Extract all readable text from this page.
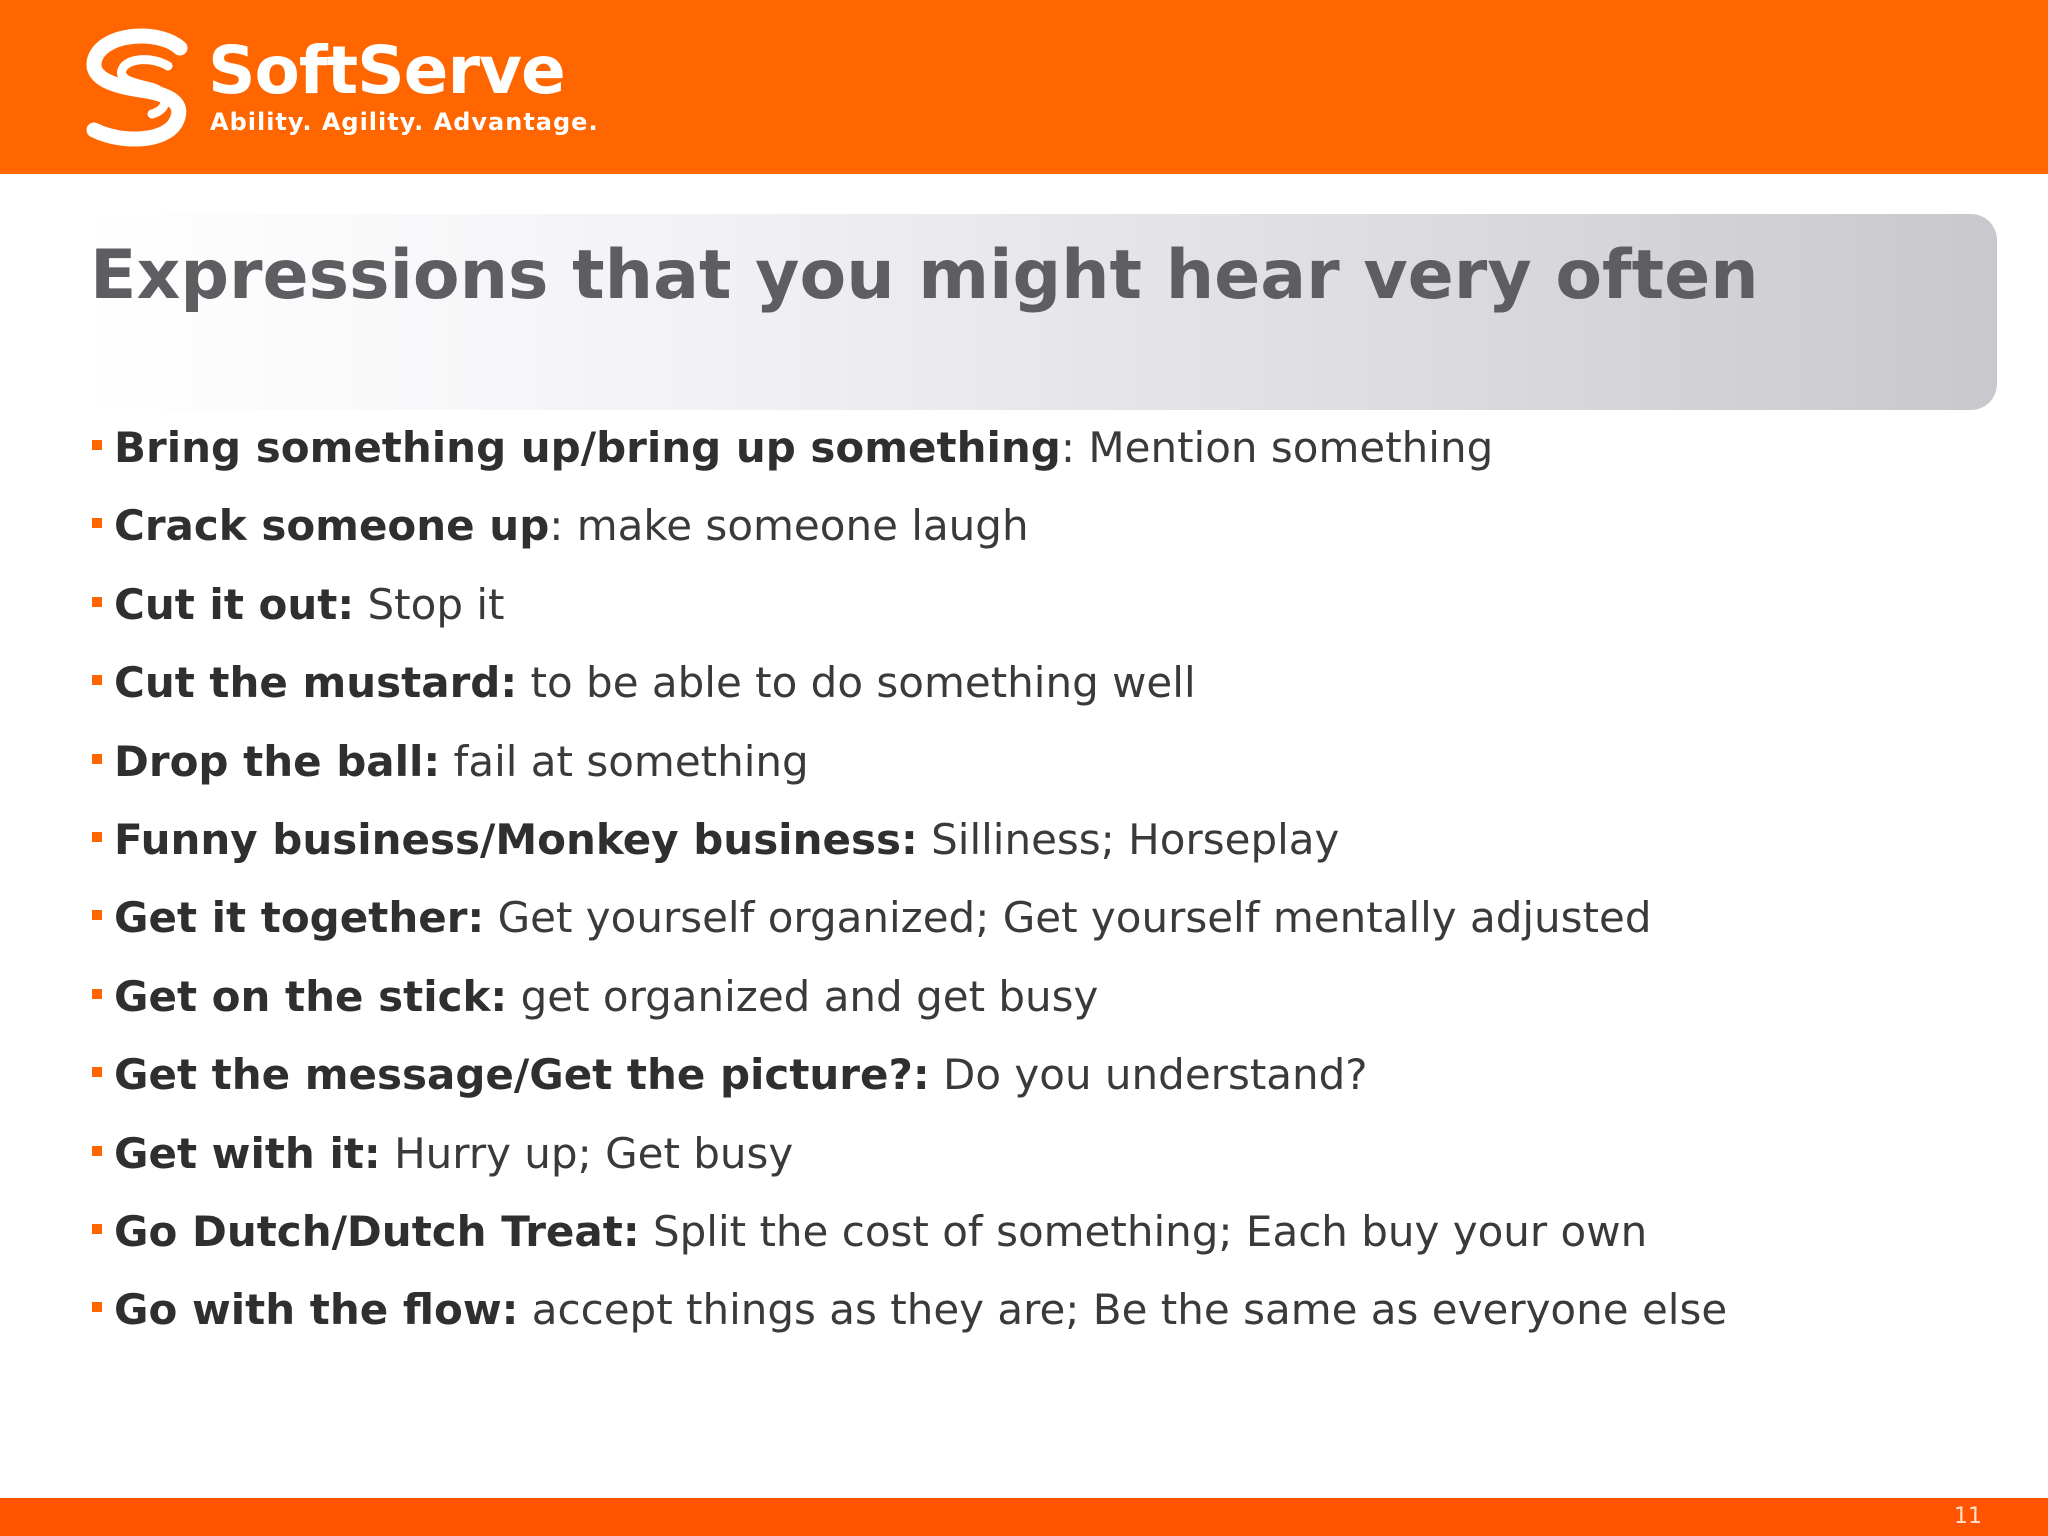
SoftServe
Ability. Agility. Advantage.
Expressions that you might hear very often
Bring something up/bring up something: Mention something
Crack someone up: make someone laugh
Cut it out: Stop it
Cut the mustard: to be able to do something well
Drop the ball: fail at something
Funny business/Monkey business: Silliness; Horseplay
Get it together: Get yourself organized; Get yourself mentally adjusted
Get on the stick: get organized and get busy
Get the message/Get the picture?: Do you understand?
Get with it: Hurry up; Get busy
Go Dutch/Dutch Treat: Split the cost of something; Each buy your own
Go with the flow: accept things as they are; Be the same as everyone else
11
